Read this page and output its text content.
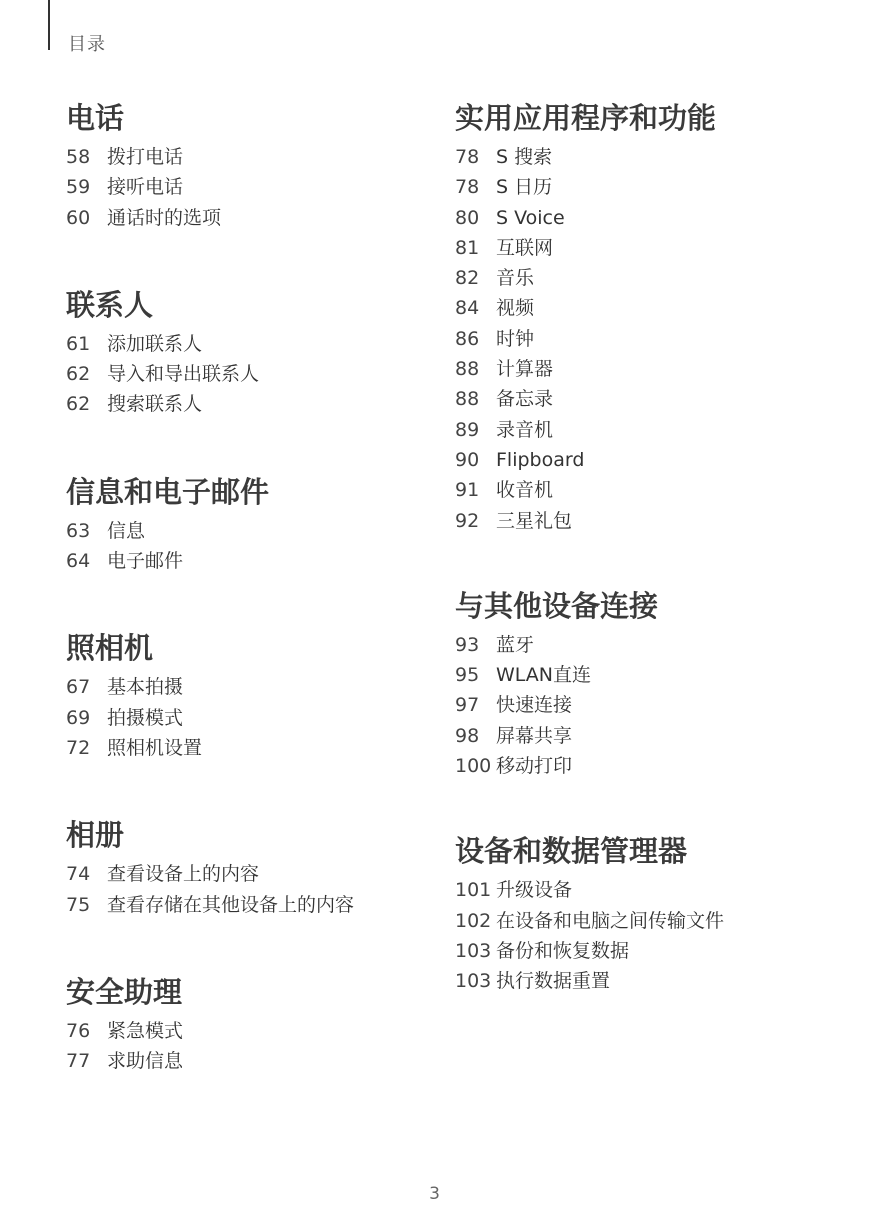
目录
电话
58 拨打电话
59 接听电话
60 通话时的选项
联系人
61 添加联系人
62 导入和导出联系人
62 搜索联系人
信息和电子邮件
63 信息
64 电子邮件
照相机
67 基本拍摄
69 拍摄模式
72 照相机设置
相册
74 查看设备上的内容
75 查看存储在其他设备上的内容
安全助理
76 紧急模式
77 求助信息
实用应用程序和功能
78 S 搜索
78 S 日历
80 S Voice
81 互联网
82 音乐
84 视频
86 时钟
88 计算器
88 备忘录
89 录音机
90 Flipboard
91 收音机
92 三星礼包
与其他设备连接
93 蓝牙
95 WLAN直连
97 快速连接
98 屏幕共享
100 移动打印
设备和数据管理器
101 升级设备
102 在设备和电脑之间传输文件
103 备份和恢复数据
103 执行数据重置
3
